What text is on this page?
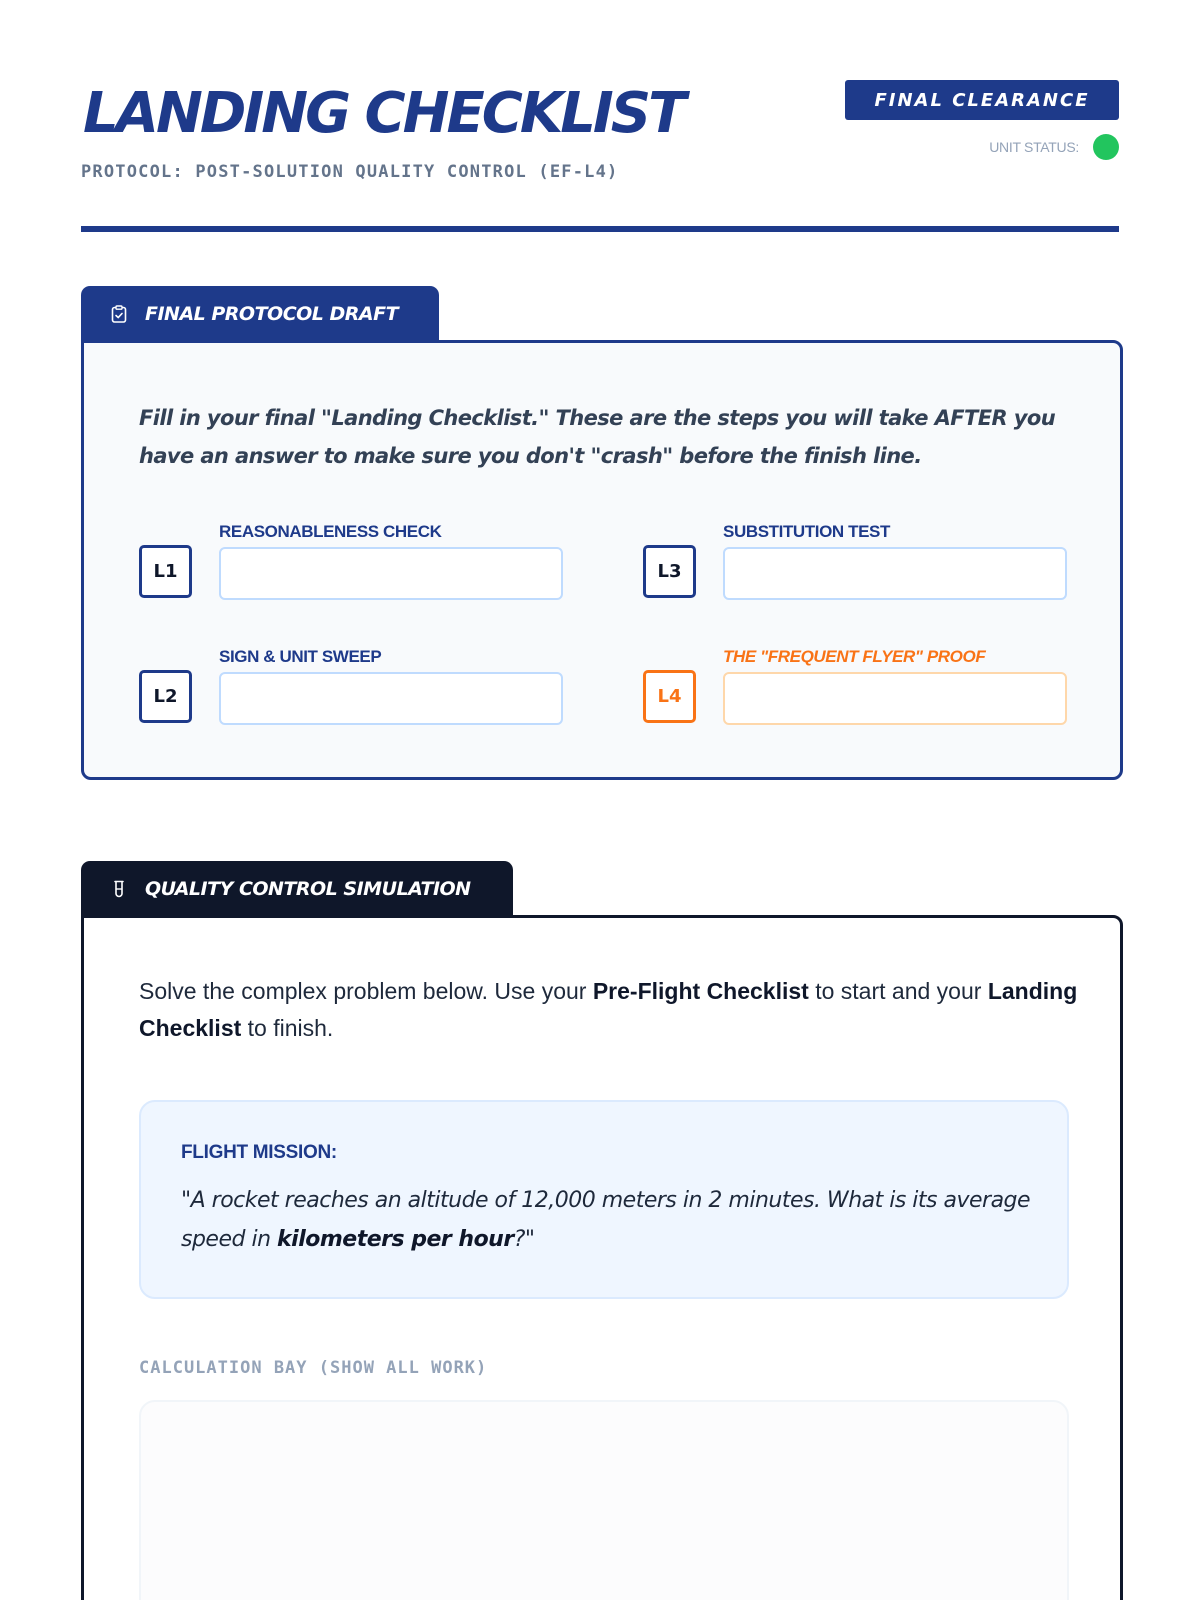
LANDING CHECKLIST
PROTOCOL: POST-SOLUTION QUALITY CONTROL (EF-L4)
FINAL CLEARANCE
UNIT STATUS:
FINAL PROTOCOL DRAFT

Fill in your final "Landing Checklist." These are the steps you will take AFTER you have an answer to make sure you don't "crash" before the finish line.

L1
REASONABLENESS CHECK
L2
SIGN & UNIT SWEEP
L3
SUBSTITUTION TEST
L4
THE "FREQUENT FLYER" PROOF
QUALITY CONTROL SIMULATION

Solve the complex problem below. Use your Pre-Flight Checklist to start and your Landing Checklist to finish.

FLIGHT MISSION:

"A rocket reaches an altitude of 12,000 meters in 2 minutes. What is its average speed in kilometers per hour?"

CALCULATION BAY (SHOW ALL WORK)
